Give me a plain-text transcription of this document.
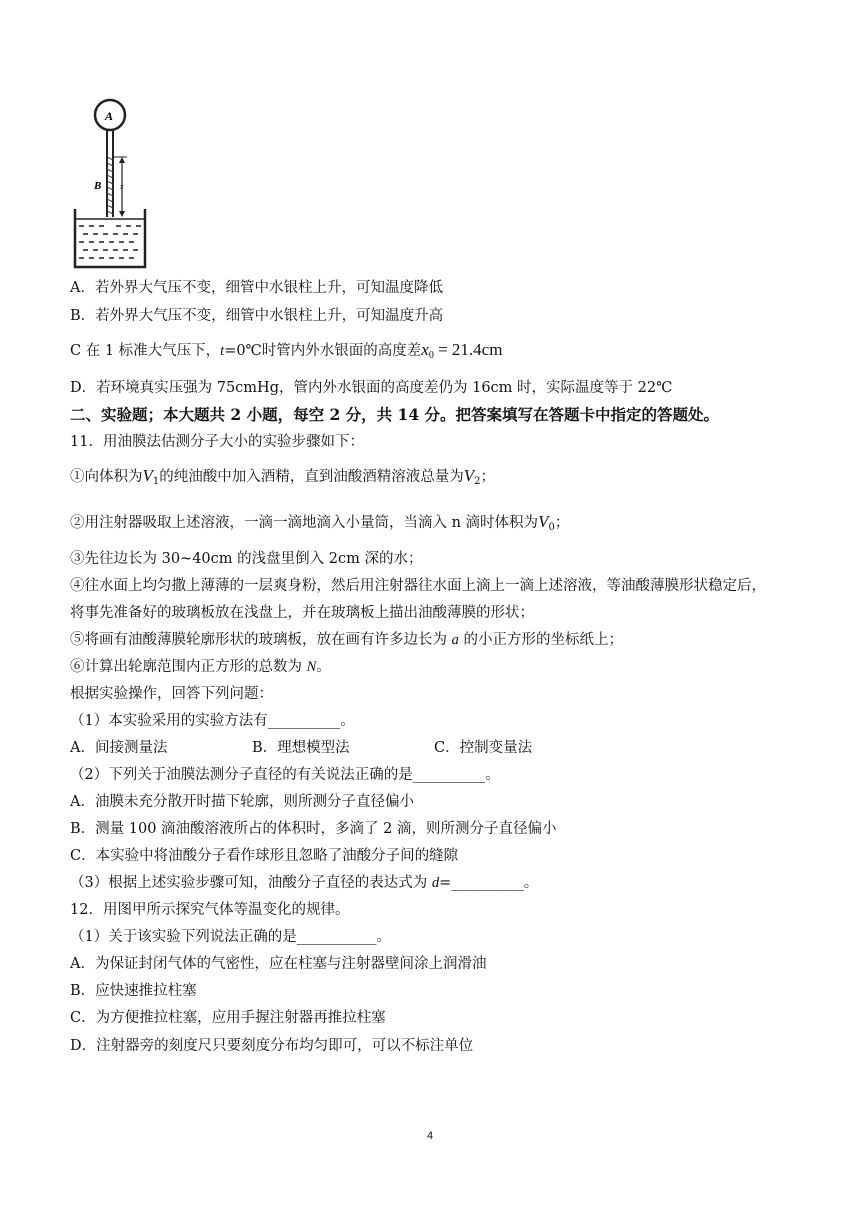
A
B x
A．若外界大气压不变，细管中水银柱上升，可知温度降低
B．若外界大气压不变，细管中水银柱上升，可知温度升高
C 在 1 标准大气压下，t=0℃时管内外水银面的高度差$x_0 = 21.4cm$
D．若环境真实压强为 75cmHg，管内外水银面的高度差仍为 16cm 时，实际温度等于 22℃
二、实验题；本大题共 2 小题，每空 2 分，共 14 分。把答案填写在答题卡中指定的答题处。
11．用油膜法估测分子大小的实验步骤如下：
①向体积为$V_1$的纯油酸中加入酒精，直到油酸酒精溶液总量为$V_2$；
②用注射器吸取上述溶液，一滴一滴地滴入小量筒，当滴入 n 滴时体积为$V_0$；
③先往边长为 30~40cm 的浅盘里倒入 2cm 深的水；
④往水面上均匀撒上薄薄的一层爽身粉，然后用注射器往水面上滴上一滴上述溶液，等油酸薄膜形状稳定后，
将事先准备好的玻璃板放在浅盘上，并在玻璃板上描出油酸薄膜的形状；
⑤将画有油酸薄膜轮廓形状的玻璃板，放在画有许多边长为 a 的小正方形的坐标纸上；
⑥计算出轮廓范围内正方形的总数为 N。
根据实验操作，回答下列问题：
（1）本实验采用的实验方法有__________。
A．间接测量法	B．理想模型法	C．控制变量法
（2）下列关于油膜法测分子直径的有关说法正确的是__________。
A．油膜未充分散开时描下轮廓，则所测分子直径偏小
B．测量 100 滴油酸溶液所占的体积时，多滴了 2 滴，则所测分子直径偏小
C．本实验中将油酸分子看作球形且忽略了油酸分子间的缝隙
（3）根据上述实验步骤可知，油酸分子直径的表达式为 d=__________。
12．用图甲所示探究气体等温变化的规律。
（1）关于该实验下列说法正确的是___________。
A．为保证封闭气体的气密性，应在柱塞与注射器壁间涂上润滑油
B．应快速推拉柱塞
C．为方便推拉柱塞，应用手握注射器再推拉柱塞
D．注射器旁的刻度尺只要刻度分布均匀即可，可以不标注单位
4
